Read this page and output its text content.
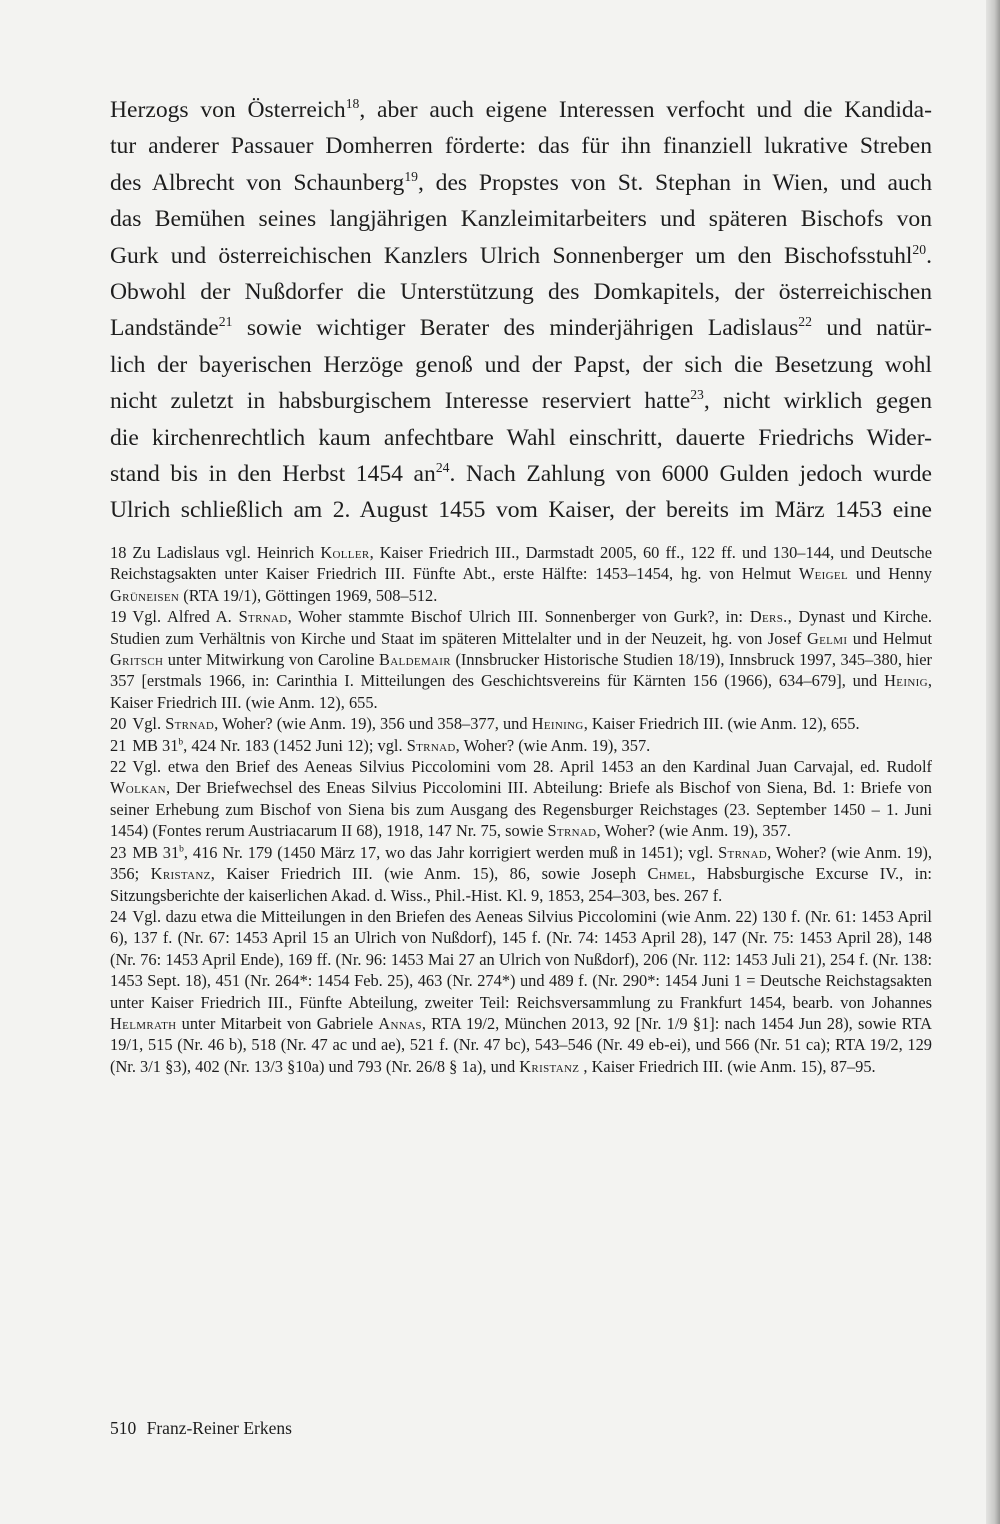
Herzogs von Österreich$^{18}$, aber auch eigene Interessen verfocht und die Kandida-
tur anderer Passauer Domherren förderte: das für ihn finanziell lukrative Streben
des Albrecht von Schaunberg$^{19}$, des Propstes von St. Stephan in Wien, und auch
das Bemühen seines langjährigen Kanzleimitarbeiters und späteren Bischofs von
Gurk und österreichischen Kanzlers Ulrich Sonnenberger um den Bischofsstuhl$^{20}$.
Obwohl der Nußdorfer die Unterstützung des Domkapitels, der österreichischen
Landstände$^{21}$ sowie wichtiger Berater des minderjährigen Ladislaus$^{22}$ und natür-
lich der bayerischen Herzöge genoß und der Papst, der sich die Besetzung wohl
nicht zuletzt in habsburgischem Interesse reserviert hatte$^{23}$, nicht wirklich gegen
die kirchenrechtlich kaum anfechtbare Wahl einschritt, dauerte Friedrichs Wider-
stand bis in den Herbst 1454 $an^{24}$. Nach Zahlung von 6000 Gulden jedoch wurde
Ulrich schließlich am 2. August 1455 vom Kaiser, der bereits im März 1453 eine

18 Zu Ladislaus vgl. Heinrich Koller, Kaiser Friedrich III., Darmstadt 2005, 60 ff., 122 ff. und 130–144, und Deutsche Reichstagsakten unter Kaiser Friedrich III. Fünfte Abt., erste Hälfte: 1453–1454, hg. von Helmut Weigel und Henny Grüneisen (RTA 19/1), Göttingen 1969, 508–512.

19 Vgl. Alfred A. Strnad, Woher stammte Bischof Ulrich III. Sonnenberger von Gurk?, in: Ders., Dynast und Kirche. Studien zum Verhältnis von Kirche und Staat im späteren Mittelalter und in der Neuzeit, hg. von Josef Gelmi und Helmut Gritsch unter Mitwirkung von Caroline Baldemair (Innsbrucker Historische Studien 18/19), Innsbruck 1997, 345–380, hier 357 [erstmals 1966, in: Carinthia I. Mitteilungen des Geschichtsvereins für Kärnten 156 (1966), 634–679], und Heinig, Kaiser Friedrich III. (wie Anm. 12), 655.

20 Vgl. Strnad, Woher? (wie Anm. 19), 356 und 358–377, und Heining, Kaiser Friedrich III. (wie Anm. 12), 655.

21 MB 31$^b$, 424 Nr. 183 (1452 Juni 12); vgl. Strnad, Woher? (wie Anm. 19), 357.

22 Vgl. etwa den Brief des Aeneas Silvius Piccolomini vom 28. April 1453 an den Kardinal Juan Carvajal, ed. Rudolf Wolkan, Der Briefwechsel des Eneas Silvius Piccolomini III. Abteilung: Briefe als Bischof von Siena, Bd. 1: Briefe von seiner Erhebung zum Bischof von Siena bis zum Ausgang des Regensburger Reichstages (23. September 1450 – 1. Juni 1454) (Fontes rerum Austriacarum II 68), 1918, 147 Nr. 75, sowie Strnad, Woher? (wie Anm. 19), 357.

23 MB 31$^b$, 416 Nr. 179 (1450 März 17, wo das Jahr korrigiert werden muß in 1451); vgl. Strnad, Woher? (wie Anm. 19), 356; Kristanz, Kaiser Friedrich III. (wie Anm. 15), 86, sowie Joseph Chmel, Habsburgische Excurse IV., in: Sitzungsberichte der kaiserlichen Akad. d. Wiss., Phil.-Hist. Kl. 9, 1853, 254–303, bes. 267 f.

24 Vgl. dazu etwa die Mitteilungen in den Briefen des Aeneas Silvius Piccolomini (wie Anm. 22) 130 f. (Nr. 61: 1453 April 6), 137 f. (Nr. 67: 1453 April 15 an Ulrich von Nußdorf), 145 f. (Nr. 74: 1453 April 28), 147 (Nr. 75: 1453 April 28), 148 (Nr. 76: 1453 April Ende), 169 ff. (Nr. 96: 1453 Mai 27 an Ulrich von Nußdorf), 206 (Nr. 112: 1453 Juli 21), 254 f. (Nr. 138: 1453 Sept. 18), 451 (Nr. 264*: 1454 Feb. 25), 463 (Nr. 274*) und 489 f. (Nr. 290*: 1454 Juni 1 = Deutsche Reichstagsakten unter Kaiser Friedrich III., Fünfte Abteilung, zweiter Teil: Reichsversammlung zu Frankfurt 1454, bearb. von Johannes Helmrath unter Mitarbeit von Gabriele Annas, RTA 19/2, München 2013, 92 [Nr. 1/9 §1]: nach 1454 Jun 28), sowie RTA 19/1, 515 (Nr. 46 b), 518 (Nr. 47 ac und ae), 521 f. (Nr. 47 bc), 543–546 (Nr. 49 eb-ei), und 566 (Nr. 51 ca); RTA 19/2, 129 (Nr. 3/1 §3), 402 (Nr. 13/3 §10a) und 793 (Nr. 26/8 § 1a), und Kristanz , Kaiser Friedrich III. (wie Anm. 15), 87–95.

510 Franz-Reiner Erkens
